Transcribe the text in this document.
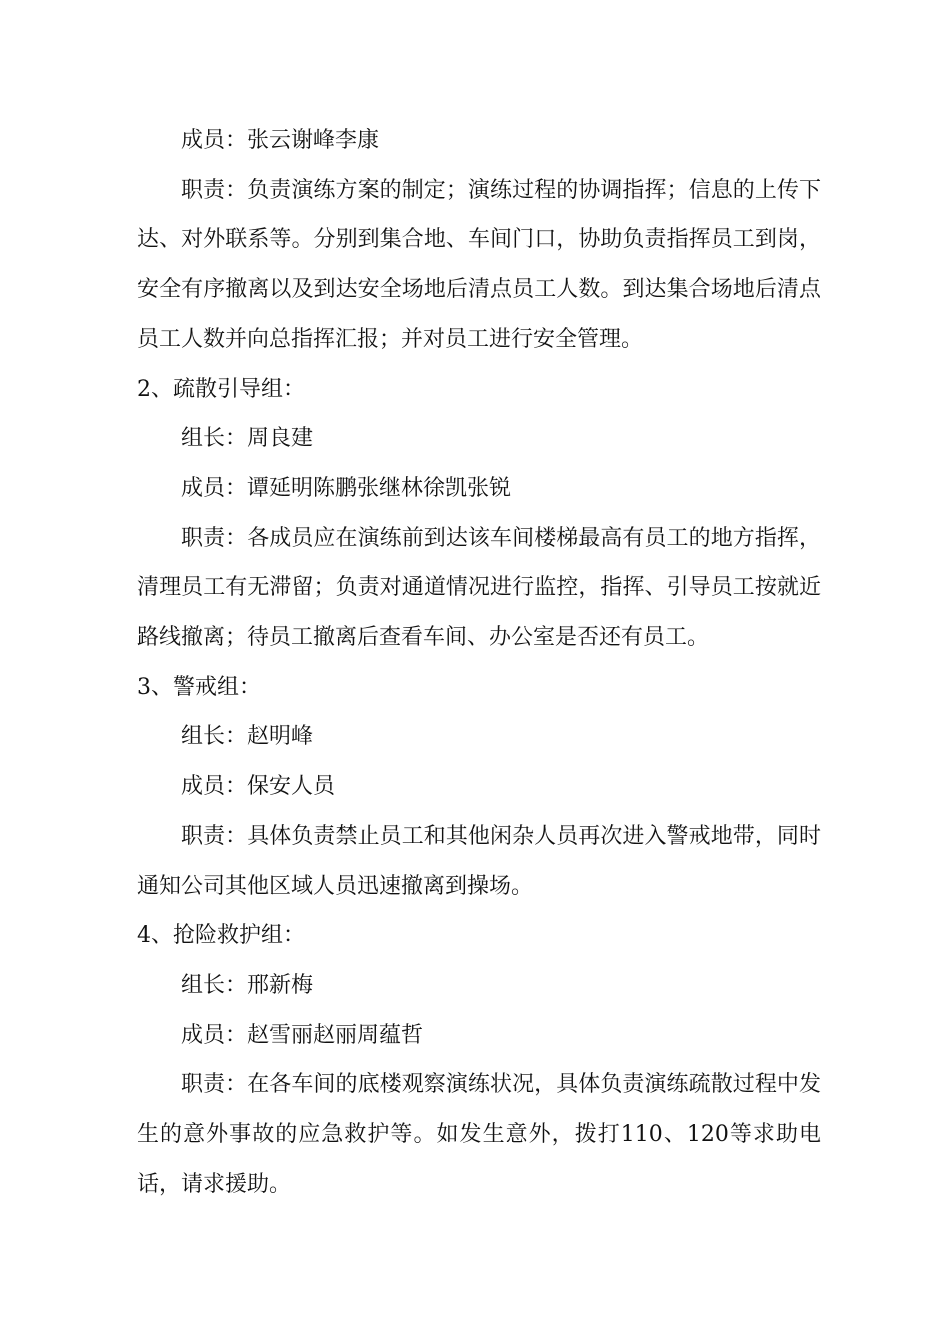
成员：张云谢峰李康

职责：负责演练方案的制定；演练过程的协调指挥；信息的上传下达、对外联系等。分别到集合地、车间门口，协助负责指挥员工到岗，安全有序撤离以及到达安全场地后清点员工人数。到达集合场地后清点员工人数并向总指挥汇报；并对员工进行安全管理。

2、疏散引导组：

组长：周良建

成员：谭延明陈鹏张继林徐凯张锐

职责：各成员应在演练前到达该车间楼梯最高有员工的地方指挥，清理员工有无滞留；负责对通道情况进行监控，指挥、引导员工按就近路线撤离；待员工撤离后查看车间、办公室是否还有员工。

3、警戒组：

组长：赵明峰

成员：保安人员

职责：具体负责禁止员工和其他闲杂人员再次进入警戒地带，同时通知公司其他区域人员迅速撤离到操场。

4、抢险救护组：

组长：邢新梅

成员：赵雪丽赵丽周蕴哲

职责：在各车间的底楼观察演练状况，具体负责演练疏散过程中发生的意外事故的应急救护等。如发生意外，拨打110、120等求助电话，请求援助。
